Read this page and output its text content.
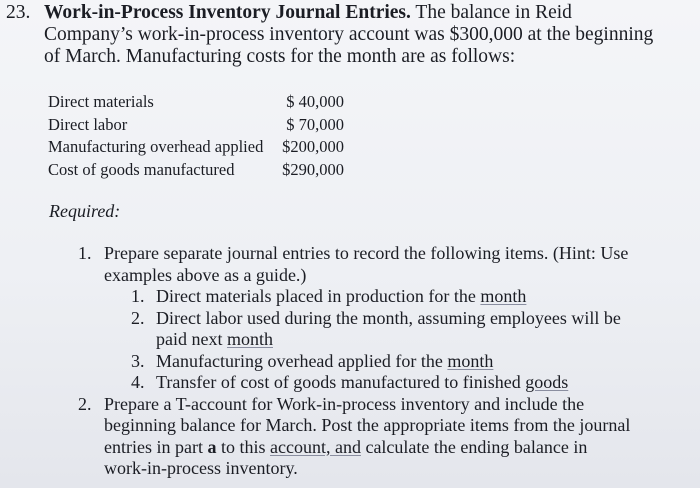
23. Work-in-Process Inventory Journal Entries. The balance in Reid
Company’s work-in-process inventory account was $300,000 at the beginning
of March. Manufacturing costs for the month are as follows:
Direct materials	$ 40,000
Direct labor	$ 70,000
Manufacturing overhead applied	$200,000
Cost of goods manufactured	$290,000
Required:
1. Prepare separate journal entries to record the following items. (Hint: Use
examples above as a guide.)
1. Direct materials placed in production for the month
2. Direct labor used during the month, assuming employees will be
paid next month
3. Manufacturing overhead applied for the month
4. Transfer of cost of goods manufactured to finished goods
2. Prepare a T-account for Work-in-process inventory and include the
beginning balance for March. Post the appropriate items from the journal
entries in part a to this account, and calculate the ending balance in
work-in-process inventory.
